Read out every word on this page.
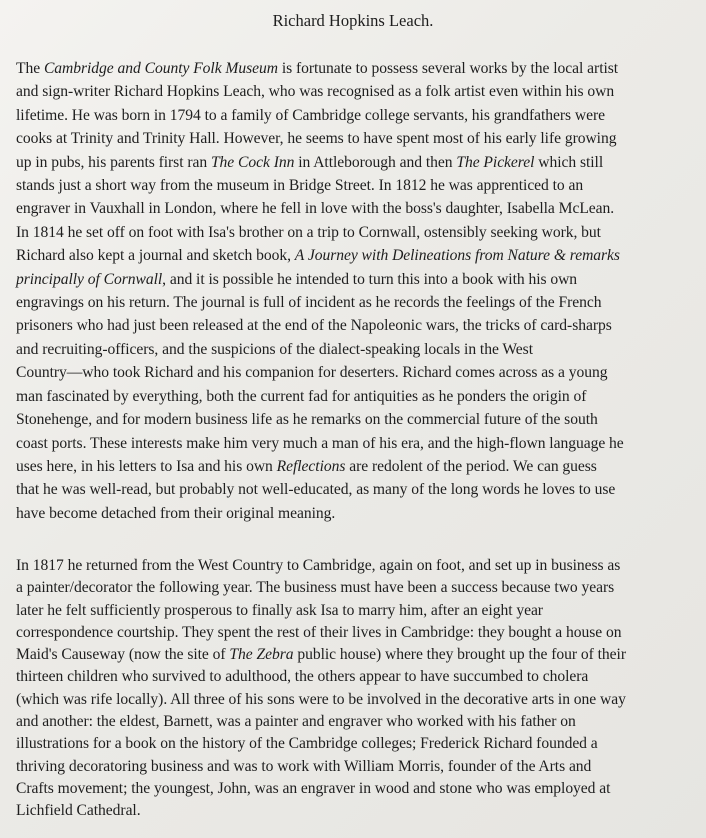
Richard Hopkins Leach.
The Cambridge and County Folk Museum is fortunate to possess several works by the local artist
and sign-writer Richard Hopkins Leach, who was recognised as a folk artist even within his own
lifetime. He was born in 1794 to a family of Cambridge college servants, his grandfathers were
cooks at Trinity and Trinity Hall. However, he seems to have spent most of his early life growing
up in pubs, his parents first ran The Cock Inn in Attleborough and then The Pickerel which still
stands just a short way from the museum in Bridge Street. In 1812 he was apprenticed to an
engraver in Vauxhall in London, where he fell in love with the boss's daughter, Isabella McLean.
In 1814 he set off on foot with Isa's brother on a trip to Cornwall, ostensibly seeking work, but
Richard also kept a journal and sketch book, A Journey with Delineations from Nature & remarks
principally of Cornwall, and it is possible he intended to turn this into a book with his own
engravings on his return. The journal is full of incident as he records the feelings of the French
prisoners who had just been released at the end of the Napoleonic wars, the tricks of card-sharps
and recruiting-officers, and the suspicions of the dialect-speaking locals in the West
Country—who took Richard and his companion for deserters. Richard comes across as a young
man fascinated by everything, both the current fad for antiquities as he ponders the origin of
Stonehenge, and for modern business life as he remarks on the commercial future of the south
coast ports. These interests make him very much a man of his era, and the high-flown language he
uses here, in his letters to Isa and his own Reflections are redolent of the period. We can guess
that he was well-read, but probably not well-educated, as many of the long words he loves to use
have become detached from their original meaning.
In 1817 he returned from the West Country to Cambridge, again on foot, and set up in business as
a painter/decorator the following year. The business must have been a success because two years
later he felt sufficiently prosperous to finally ask Isa to marry him, after an eight year
correspondence courtship. They spent the rest of their lives in Cambridge: they bought a house on
Maid's Causeway (now the site of The Zebra public house) where they brought up the four of their
thirteen children who survived to adulthood, the others appear to have succumbed to cholera
(which was rife locally). All three of his sons were to be involved in the decorative arts in one way
and another: the eldest, Barnett, was a painter and engraver who worked with his father on
illustrations for a book on the history of the Cambridge colleges; Frederick Richard founded a
thriving decoratoring business and was to work with William Morris, founder of the Arts and
Crafts movement; the youngest, John, was an engraver in wood and stone who was employed at
Lichfield Cathedral.
